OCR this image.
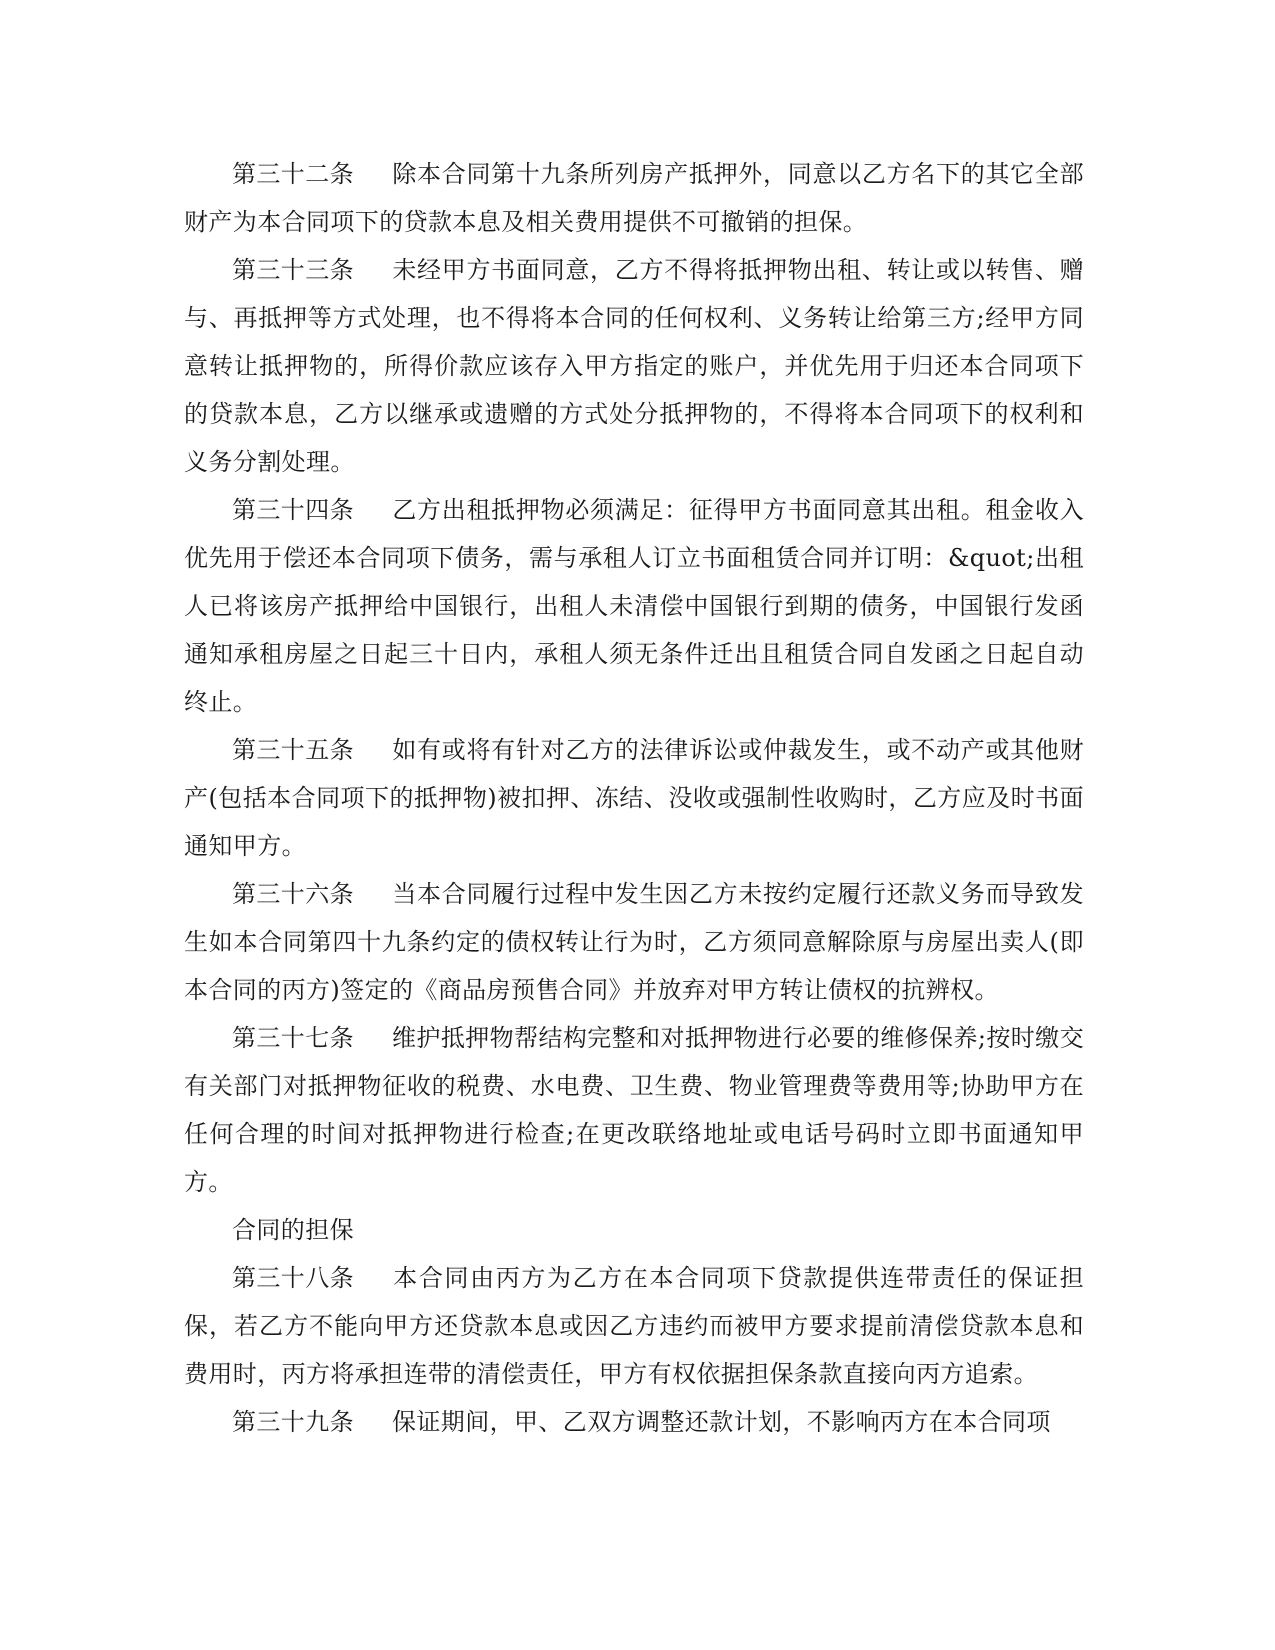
第三十二条 除本合同第十九条所列房产抵押外，同意以乙方名下的其它全部财产为本合同项下的贷款本息及相关费用提供不可撤销的担保。

第三十三条 未经甲方书面同意，乙方不得将抵押物出租、转让或以转售、赠与、再抵押等方式处理，也不得将本合同的任何权利、义务转让给第三方;经甲方同意转让抵押物的，所得价款应该存入甲方指定的账户，并优先用于归还本合同项下的贷款本息，乙方以继承或遗赠的方式处分抵押物的，不得将本合同项下的权利和义务分割处理。

第三十四条 乙方出租抵押物必须满足：征得甲方书面同意其出租。租金收入优先用于偿还本合同项下债务，需与承租人订立书面租赁合同并订明：&quot;出租人已将该房产抵押给中国银行，出租人未清偿中国银行到期的债务，中国银行发函通知承租房屋之日起三十日内，承租人须无条件迁出且租赁合同自发函之日起自动终止。

第三十五条 如有或将有针对乙方的法律诉讼或仲裁发生，或不动产或其他财产(包括本合同项下的抵押物)被扣押、冻结、没收或强制性收购时，乙方应及时书面通知甲方。

第三十六条 当本合同履行过程中发生因乙方未按约定履行还款义务而导致发生如本合同第四十九条约定的债权转让行为时，乙方须同意解除原与房屋出卖人(即本合同的丙方)签定的《商品房预售合同》并放弃对甲方转让债权的抗辨权。

第三十七条 维护抵押物帮结构完整和对抵押物进行必要的维修保养;按时缴交有关部门对抵押物征收的税费、水电费、卫生费、物业管理费等费用等;协助甲方在任何合理的时间对抵押物进行检查;在更改联络地址或电话号码时立即书面通知甲方。

合同的担保

第三十八条 本合同由丙方为乙方在本合同项下贷款提供连带责任的保证担保，若乙方不能向甲方还贷款本息或因乙方违约而被甲方要求提前清偿贷款本息和费用时，丙方将承担连带的清偿责任，甲方有权依据担保条款直接向丙方追索。

第三十九条 保证期间，甲、乙双方调整还款计划，不影响丙方在本合同项
